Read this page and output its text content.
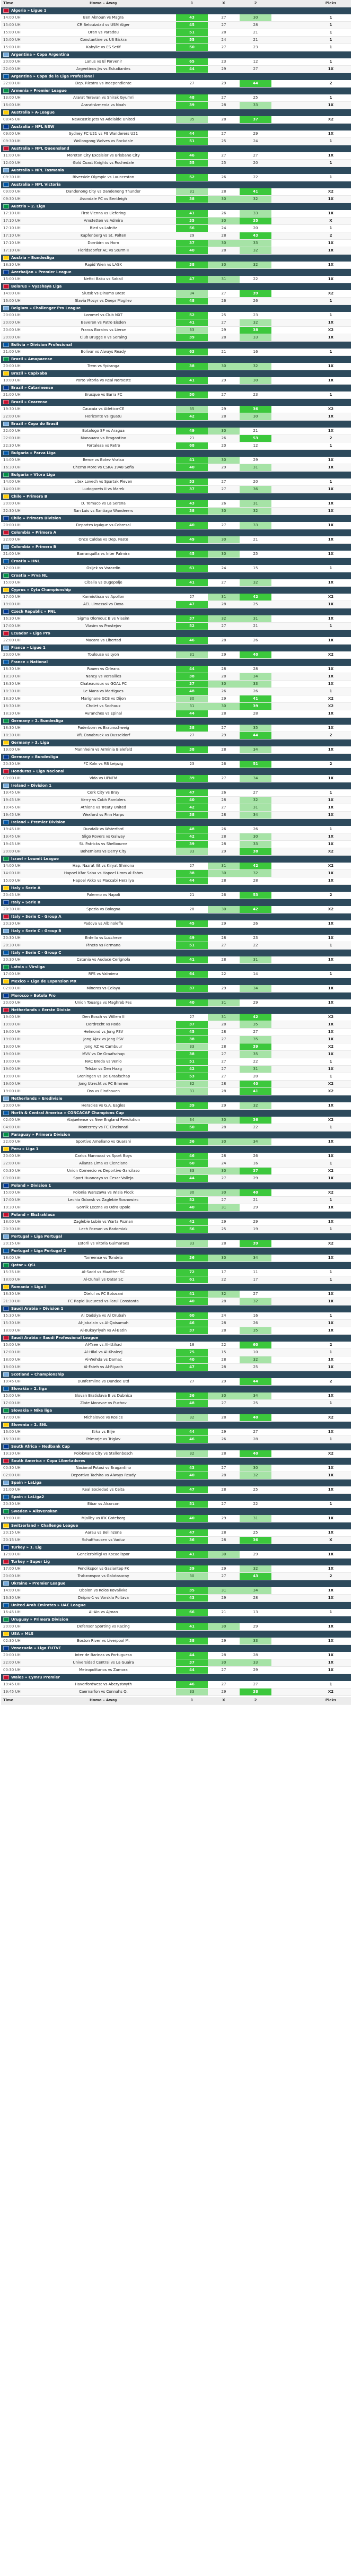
Time	Home – Away	1	X	2	Picks
Algeria » Ligue 1
14:00 UH	Ben Aknoun vs Magra	43	27	30	1
15:00 UH	CR Belouizdad vs USM Alger	45	27	28	1
15:00 UH	Oran vs Paradou	51	28	21	1
15:00 UH	Constantine vs US Biskra	55	24	21	1
15:00 UH	Kabylie vs ES Setif	50	27	23	1
Argentina » Copa Argentina
20:00 UH	Lanus vs El Porvenir	65	23	12	1
22:00 UH	Argentinos Jrs vs Estudiantes	44	29	27	1X
Argentina » Copa de la Liga Profesional
22:00 UH	Dep. Riestra vs Independiente	27	29	44	2
Armenia » Premier League
13:00 UH	Ararat Yerevan vs Shirak Gyumri	48	27	25	1
16:00 UH	Ararat-Armenia vs Noah	39	28	33	1X
Australia » A-League
08:45 UH	Newcastle Jets vs Adelaide United	35	28	37	X2
Australia » NPL NSW
09:00 UH	Sydney FC U21 vs Mt Wanderers U21	44	27	29	1X
09:30 UH	Wollongong Wolves vs Rockdale	51	25	24	1
Australia » NPL Queensland
11:00 UH	Moreton City Excelsior vs Brisbane City	46	27	27	1X
12:00 UH	Gold Coast Knights vs Rochedale	55	25	20	1
Australia » NPL Tasmania
09:30 UH	Riverside Olympic vs Launceston	52	26	22	1
Australia » NPL Victoria
09:00 UH	Dandenong City vs Dandenong Thunder	31	28	41	X2
09:30 UH	Avondale FC vs Bentleigh	38	30	32	1X
Austria » 2. Liga
17:10 UH	First Vienna vs Liefering	41	26	33	1X
17:10 UH	Amstetten vs Admira	35	30	35	X
17:10 UH	Ried vs Lafnitz	56	24	20	1
17:10 UH	Kapfenberg vs St. Polten	29	28	43	2
17:10 UH	Dornbirn vs Horn	37	30	33	1X
17:10 UH	Floridsdorfer AC vs Sturm II	40	28	32	1X
Austria » Bundesliga
18:30 UH	Rapid Wien vs LASK	38	30	32	1X
Azerbaijan » Premier League
15:00 UH	Neftci Baku vs Sabail	47	31	22	1X
Belarus » Vysshaya Liga
14:00 UH	Slutsk vs Dinamo Brest	34	27	39	X2
16:00 UH	Slavia Mozyr vs Dnepr Mogilev	48	26	26	1
Belgium » Challenger Pro League
20:00 UH	Lommel vs Club NXT	52	25	23	1
20:00 UH	Beveren vs Patro Eisden	41	27	32	1X
20:00 UH	Francs Borains vs Lierse	33	29	38	X2
20:00 UH	Club Brugge II vs Seraing	39	28	33	1X
Bolivia » Division Profesional
21:00 UH	Bolivar vs Always Ready	63	21	16	1
Brazil » Amapaense
20:00 UH	Trem vs Ypiranga	38	30	32	1X
Brazil » Capixaba
19:00 UH	Porto Vitoria vs Real Noroeste	41	29	30	1X
Brazil » Catarinense
21:00 UH	Brusque vs Barra FC	50	27	23	1
Brazil » Cearense
19:30 UH	Caucaia vs Atletico-CE	35	29	36	X2
22:00 UH	Horizonte vs Iguatu	42	28	30	1X
Brazil » Copa do Brasil
22:00 UH	Botafogo SP vs Aragua	49	30	21	1X
22:00 UH	Manauara vs Bragantino	21	26	53	2
22:30 UH	Fortaleza vs Retro	68	20	12	1
Bulgaria » Parva Liga
14:00 UH	Beroe vs Botev Vratsa	41	30	29	1X
16:30 UH	Cherno More vs CSKA 1948 Sofia	40	29	31	1X
Bulgaria » Vtora Liga
14:00 UH	Litex Lovech vs Spartak Pleven	53	27	20	1
14:00 UH	Ludogorets II vs Marek	37	27	36	1X
Chile » Primera B
20:00 UH	D. Temuco vs La Serena	43	26	31	1X
22:30 UH	San Luis vs Santiago Wanderers	38	30	32	1X
Chile » Primera Division
20:00 UH	Deportes Iquique vs Cobresal	40	27	33	1X
Colombia » Primera A
22:00 UH	Once Caldas vs Dep. Pasto	49	30	21	1X
Colombia » Primera B
21:00 UH	Barranquilla vs Inter Palmira	45	30	25	1X
Croatia » HNL
17:00 UH	Osijek vs Varazdin	61	24	15	1
Croatia » Prva NL
15:00 UH	Cibalia vs Dugopolje	41	27	32	1X
Cyprus » Cyta Championship
17:00 UH	Karmiotissa vs Apollon	27	31	42	X2
19:00 UH	AEL Limassol vs Doxa	47	28	25	1X
Czech Republic » FNL
16:30 UH	Sigma Olomouc B vs Vlasim	37	32	31	1X
17:00 UH	Vlasim vs Prostejov	52	27	21	1
Ecuador » Liga Pro
22:00 UH	Macara vs Libertad	46	28	26	1X
France » Ligue 1
20:00 UH	Toulouse vs Lyon	31	29	40	X2
France » National
18:30 UH	Rouen vs Orleans	44	28	28	1X
18:30 UH	Nancy vs Versailles	38	28	34	1X
18:30 UH	Chateauroux vs GOAL FC	37	30	33	1X
18:30 UH	Le Mans vs Martigues	48	26	26	1
18:30 UH	Marignane GCB vs Dijon	30	29	41	X2
18:30 UH	Cholet vs Sochaux	31	30	39	X2
18:30 UH	Avranches vs Epinal	44	28	28	1X
Germany » 2. Bundesliga
18:30 UH	Paderborn vs Braunschweig	38	27	35	1X
18:30 UH	VfL Osnabruck vs Dusseldorf	27	29	44	2
Germany » 3. Liga
19:00 UH	Mannheim vs Arminia Bielefeld	38	28	34	1X
Germany » Bundesliga
20:30 UH	FC Koln vs RB Leipzig	23	26	51	2
Honduras » Liga Nacional
03:00 UH	Vida vs UPNFM	39	27	34	1X
Ireland » Division 1
19:45 UH	Cork City vs Bray	47	26	27	1
19:45 UH	Kerry vs Cobh Ramblers	40	28	32	1X
19:45 UH	Athlone vs Treaty United	42	27	31	1X
19:45 UH	Wexford vs Finn Harps	38	28	34	1X
Ireland » Premier Division
19:45 UH	Dundalk vs Waterford	48	26	26	1
19:45 UH	Sligo Rovers vs Galway	42	28	30	1X
19:45 UH	St. Patricks vs Shelbourne	39	28	33	1X
20:00 UH	Bohemians vs Derry City	33	29	38	X2
Israel » Leumit League
14:00 UH	Hap. Nazrat Ilit vs Kiryat Shmona	27	31	42	X2
14:00 UH	Hapoel Kfar Saba vs Hapoel Umm al-Fahm	38	30	32	1X
15:00 UH	Hapoel Akko vs Maccabi Herzliya	44	28	28	1X
Italy » Serie A
20:45 UH	Palermo vs Napoli	21	26	53	2
Italy » Serie B
20:30 UH	Spezia vs Bologna	28	30	42	X2
Italy » Serie C - Group A
20:30 UH	Padova vs Albinoleffe	45	29	26	1X
Italy » Serie C - Group B
20:30 UH	Entella vs Lucchese	49	28	23	1X
20:30 UH	Pineto vs Fermana	51	27	22	1
Italy » Serie C - Group C
20:30 UH	Catania vs Audace Cerignola	41	28	31	1X
Latvia » Virsliga
17:00 UH	RFS vs Valmiera	64	22	14	1
Mexico » Liga de Expansion MX
02:00 UH	Mineros vs Celaya	37	29	34	1X
Morocco » Botola Pro
20:00 UH	Union Touarga vs Maghreb Fes	40	31	29	1X
Netherlands » Eerste Divisie
19:00 UH	Den Bosch vs Willem II	27	31	42	X2
19:00 UH	Dordrecht vs Roda	37	28	35	1X
19:00 UH	Helmond vs Jong PSV	45	28	27	1X
19:00 UH	Jong Ajax vs Jong PSV	38	27	35	1X
19:00 UH	Jong AZ vs Cambuur	33	28	39	X2
19:00 UH	MVV vs De Graafschap	38	27	35	1X
19:00 UH	NAC Breda vs Venlo	51	27	22	1
19:00 UH	Telstar vs Den Haag	42	27	31	1X
19:00 UH	Groningen vs De Graafschap	53	27	20	1
19:00 UH	Jong Utrecht vs FC Emmen	32	28	40	X2
19:00 UH	Oss vs Eindhoven	31	28	41	X2
Netherlands » Eredivisie
20:00 UH	Heracles vs G.A. Eagles	39	29	32	1X
North & Central America » CONCACAF Champions Cup
02:00 UH	Alajuelense vs New England Revolution	34	30	36	X2
04:00 UH	Monterrey vs FC Cincinnati	50	28	22	1
Paraguay » Primera Division
22:00 UH	Sportivo Ameliano vs Guarani	36	30	34	1X
Peru » Liga 1
20:00 UH	Carlos Mannucci vs Sport Boys	46	28	26	1X
22:00 UH	Alianza Lima vs Cienciano	60	24	16	1
00:30 UH	Union Comercio vs Deportivo Garcilaso	33	30	37	X2
03:00 UH	Sport Huancayo vs Cesar Vallejo	44	27	29	1X
Poland » Division 1
15:00 UH	Polonia Warszawa vs Wisla Plock	30	30	40	X2
17:00 UH	Lechia Gdansk vs Zaglebie Sosnowiec	52	27	21	1
19:30 UH	Gornik Leczna vs Odra Opole	40	31	29	1X
Poland » Ekstraklasa
18:00 UH	Zaglebie Lubin vs Warta Poznan	42	29	29	1X
20:30 UH	Lech Poznan vs Radomiak	56	25	19	1
Portugal » Liga Portugal
20:15 UH	Estoril vs Vitoria Guimaraes	33	28	39	X2
Portugal » Liga Portugal 2
18:00 UH	Torreense vs Tondela	36	30	34	1X
Qatar » QSL
15:35 UH	Al-Sadd vs Muaither SC	72	17	11	1
18:00 UH	Al-Duhail vs Qatar SC	61	22	17	1
Romania » Liga I
18:30 UH	Otelul vs FC Botosani	41	32	27	1X
21:30 UH	FC Rapid Bucuresti vs Farul Constanta	40	28	32	1X
Saudi Arabia » Division 1
15:30 UH	Al Qadsiya vs Al Orubah	60	24	16	1
15:30 UH	Al-Jabalain vs Al-Qaisumah	46	28	26	1X
18:00 UH	Al-Bukayriyah vs Al-Batin	37	28	35	1X
Saudi Arabia » Saudi Professional League
15:00 UH	Al-Taee vs Al-Ittihad	18	22	60	2
17:00 UH	Al-Hilal vs Al-Khaleej	75	15	10	1
18:00 UH	Al-Wehda vs Damac	40	28	32	1X
18:00 UH	Al-Fateh vs Al-Riyadh	47	28	25	1X
Scotland » Championship
19:45 UH	Dunfermline vs Dundee Utd	27	29	44	2
Slovakia » 2. liga
15:00 UH	Slovan Bratislava B vs Dubnica	36	30	34	1X
17:00 UH	Zlate Moravce vs Puchov	48	27	25	1
Slovakia » Nike liga
17:00 UH	Michalovce vs Kosice	32	28	40	X2
Slovenia » 2. SNL
16:00 UH	Krka vs Bilje	44	29	27	1X
16:30 UH	Primorje vs Triglav	46	26	28	1
South Africa » Nedbank Cup
19:30 UH	Polokwane City vs Stellenbosch	32	28	40	X2
South America » Copa Libertadores
00:30 UH	Nacional Potosi vs Bragantino	43	27	30	1X
02:00 UH	Deportivo Tachira vs Always Ready	40	28	32	1X
Spain » LaLiga
21:00 UH	Real Sociedad vs Celta	47	28	25	1X
Spain » LaLiga2
20:30 UH	Eibar vs Alcorcon	51	27	22	1
Sweden » Allsvenskan
19:00 UH	Mjallby vs IFK Goteborg	40	29	31	1X
Switzerland » Challenge League
20:15 UH	Aarau vs Bellinzona	47	28	25	1X
20:15 UH	Schaffhausen vs Vaduz	36	28	36	X
Turkey » 1. Lig
17:00 UH	Genclerbirligi vs Kocaelispor	41	30	29	1X
Turkey » Super Lig
17:00 UH	Pendikspor vs Gaziantep FK	39	29	32	1X
20:00 UH	Trabzonspor vs Galatasaray	30	27	43	2
Ukraine » Premier League
14:00 UH	Obolon vs Kolos Kovalivka	35	31	34	1X
16:30 UH	Dnipro-1 vs Vorskla Poltava	43	29	28	1X
United Arab Emirates » UAE League
16:45 UH	Al-Ain vs Ajman	66	21	13	1
Uruguay » Primera Division
20:00 UH	Defensor Sporting vs Racing	41	30	29	1X
USA » MLS
02:30 UH	Boston River vs Liverpool M.	38	29	33	1X
Venezuela » Liga FUTVE
20:00 UH	Inter de Barinas vs Portuguesa	44	28	28	1X
22:00 UH	Universidad Central vs La Guaira	37	30	33	1X
00:30 UH	Metropolitanos vs Zamora	44	27	29	1X
Wales » Cymru Premier
19:45 UH	Haverfordwest vs Aberystwyth	46	27	27	1
19:45 UH	Caernarfon vs Connahs Q.	33	29	38	X2
Time	Home – Away	1	X	2	Picks
